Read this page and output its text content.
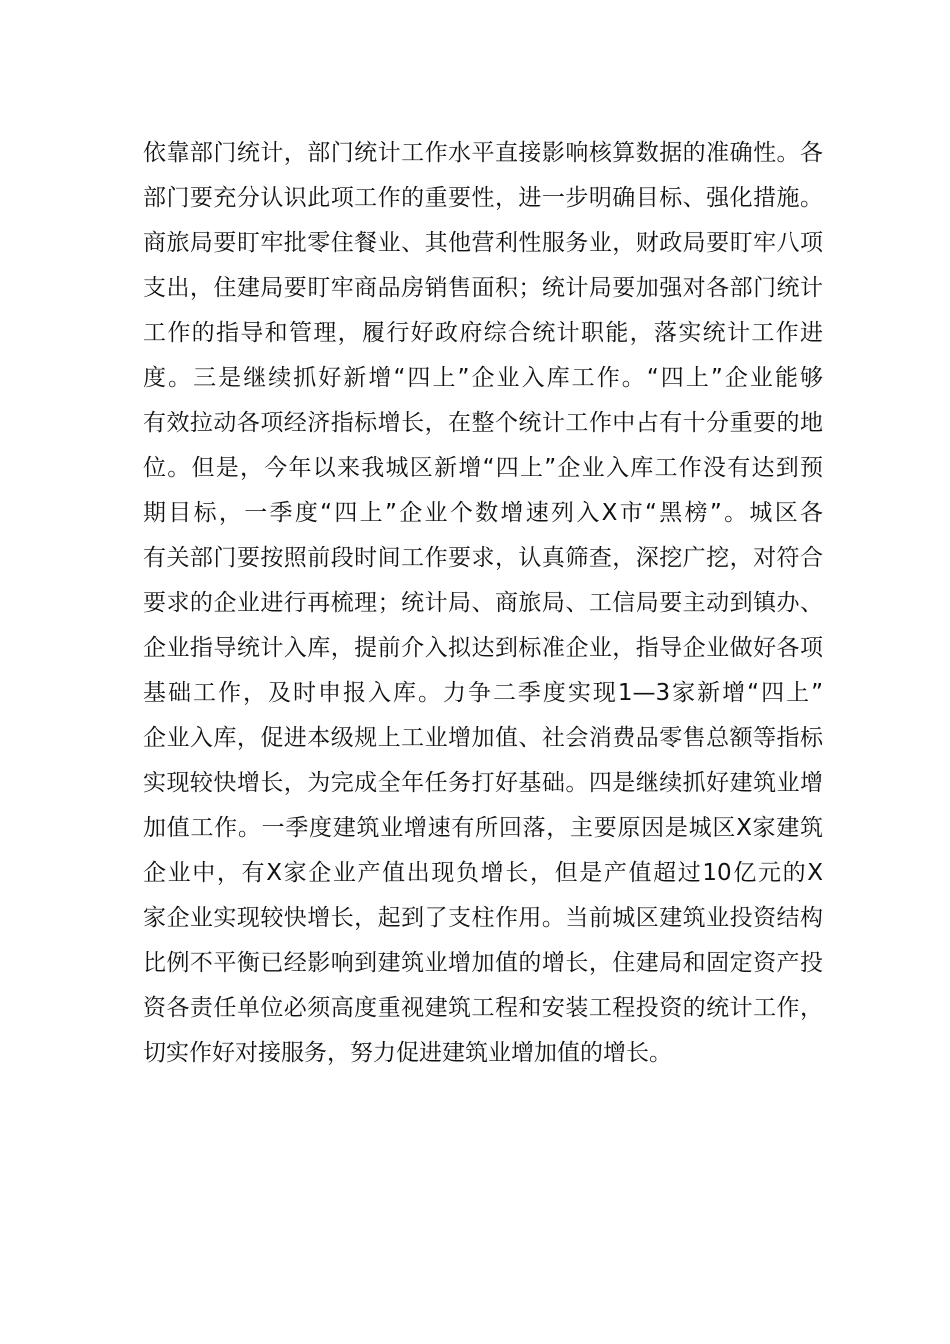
依靠部门统计，部门统计工作水平直接影响核算数据的准确性。各
部门要充分认识此项工作的重要性，进一步明确目标、强化措施。
商旅局要盯牢批零住餐业、其他营利性服务业，财政局要盯牢八项
支出，住建局要盯牢商品房销售面积；统计局要加强对各部门统计
工作的指导和管理，履行好政府综合统计职能，落实统计工作进
度。三是继续抓好新增“四上”企业入库工作。“四上”企业能够
有效拉动各项经济指标增长，在整个统计工作中占有十分重要的地
位。但是，今年以来我城区新增“四上”企业入库工作没有达到预
期目标，一季度“四上”企业个数增速列入X市“黑榜”。城区各
有关部门要按照前段时间工作要求，认真筛查，深挖广挖，对符合
要求的企业进行再梳理；统计局、商旅局、工信局要主动到镇办、
企业指导统计入库，提前介入拟达到标准企业，指导企业做好各项
基础工作，及时申报入库。力争二季度实现1—3家新增“四上”
企业入库，促进本级规上工业增加值、社会消费品零售总额等指标
实现较快增长，为完成全年任务打好基础。四是继续抓好建筑业增
加值工作。一季度建筑业增速有所回落，主要原因是城区X家建筑
企业中，有X家企业产值出现负增长，但是产值超过10亿元的X
家企业实现较快增长，起到了支柱作用。当前城区建筑业投资结构
比例不平衡已经影响到建筑业增加值的增长，住建局和固定资产投
资各责任单位必须高度重视建筑工程和安装工程投资的统计工作，
切实作好对接服务，努力促进建筑业增加值的增长。
